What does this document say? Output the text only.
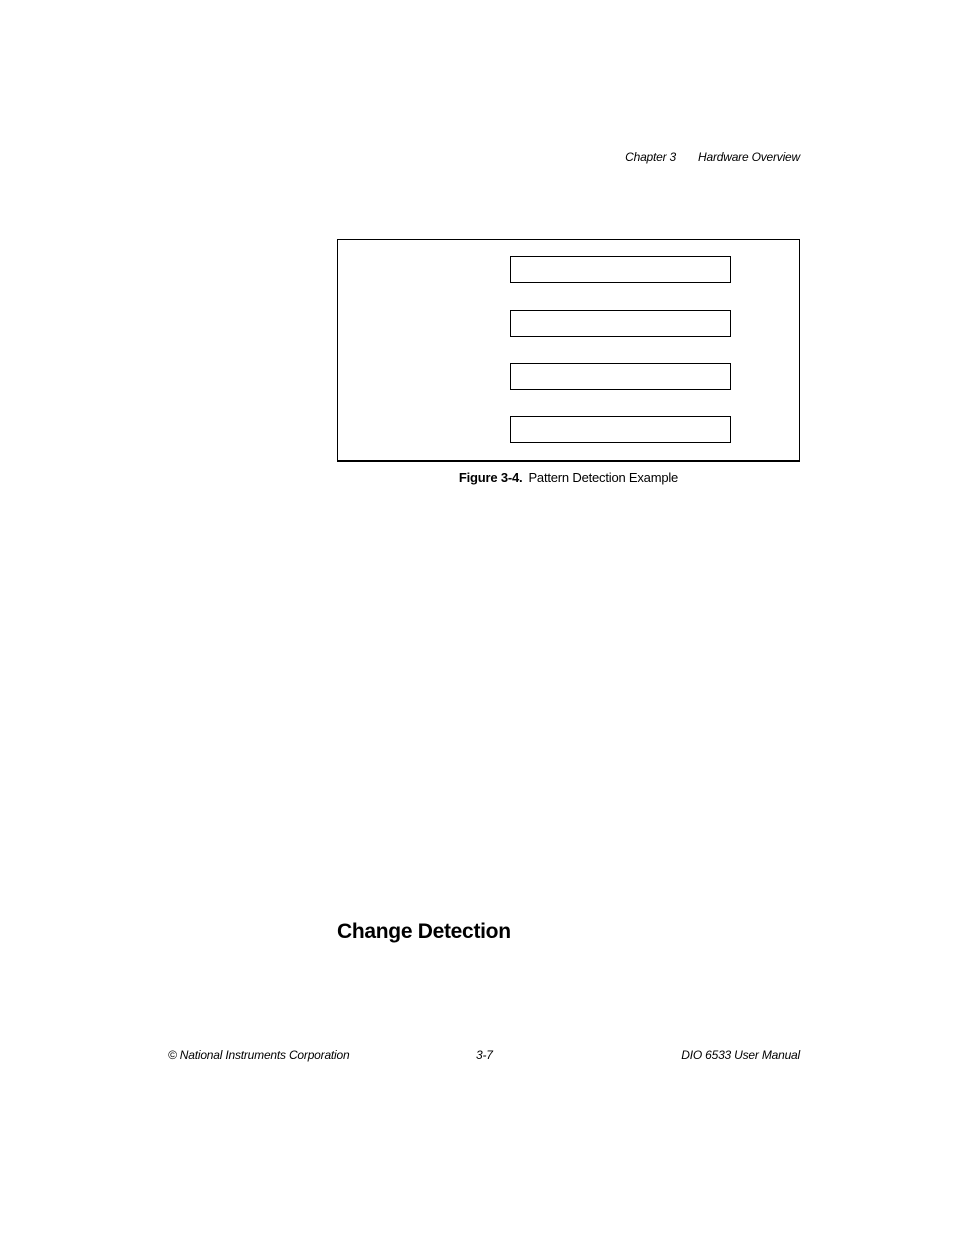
Chapter 3 Hardware Overview
Figure 3-4. Pattern Detection Example
Change Detection
© National Instruments Corporation	3-7	DIO 6533 User Manual
